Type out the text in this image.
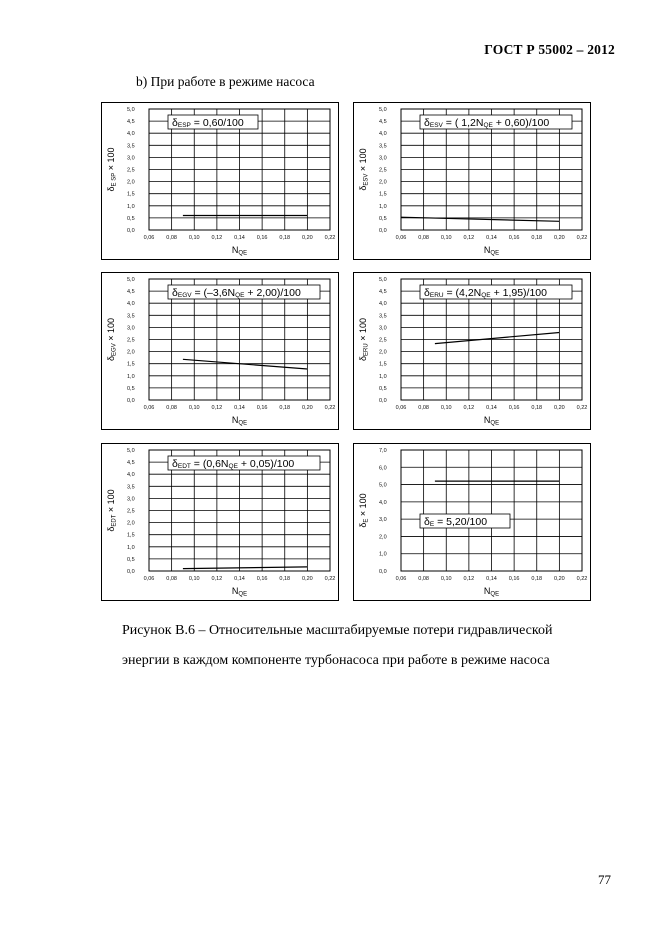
ГОСТ Р 55002 – 2012
b) При работе в режиме насоса
0,0
0,5
1,0
1,5
2,0
2,5
3,0
3,5
4,0
4,5
5,0
0,06 0,08 0,10 0,12 0,14 0,16 0,18 0,20 0,22
δESP = 0,60/100
NQE
δE SP × 100
0,0
0,5
1,0
1,5
2,0
2,5
3,0
3,5
4,0
4,5
5,0
0,06 0,08 0,10 0,12 0,14 0,16 0,18 0,20 0,22
δESV = ( 1,2NQE + 0,60)/100
NQE
δESV × 100
0,0
0,5
1,0
1,5
2,0
2,5
3,0
3,5
4,0
4,5
5,0
0,06 0,08 0,10 0,12 0,14 0,16 0,18 0,20 0,22
δEGV = (–3,6NQE + 2,00)/100
NQE
δEGV × 100
0,0
0,5
1,0
1,5
2,0
2,5
3,0
3,5
4,0
4,5
5,0
0,06 0,08 0,10 0,12 0,14 0,16 0,18 0,20 0,22
δERU = (4,2NQE + 1,95)/100
NQE
δERU × 100
0,0
0,5
1,0
1,5
2,0
2,5
3,0
3,5
4,0
4,5
5,0
0,06 0,08 0,10 0,12 0,14 0,16 0,18 0,20 0,22
δEDT = (0,6NQE + 0,05)/100
NQE
δEDT × 100
0,0
1,0
2,0
3,0
4,0
5,0
6,0
7,0
0,06 0,08 0,10 0,12 0,14 0,16 0,18 0,20 0,22
δE = 5,20/100
NQE
δE × 100
Рисунок В.6 – Относительные масштабируемые потери гидравлической
энергии в каждом компоненте турбонасоса при работе в режиме насоса
77
